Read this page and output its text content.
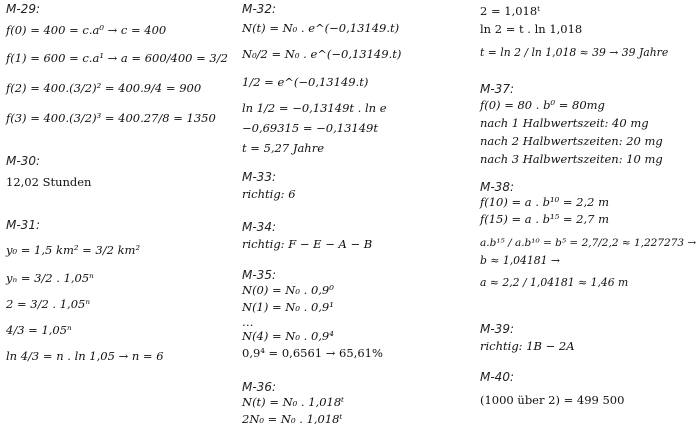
M-29:
f(0) = 400 = c.a⁰ → c = 400
f(1) = 600 = c.a¹ → a = 600/400 = 3/2
f(2) = 400.(3/2)² = 400.9/4 = 900
f(3) = 400.(3/2)³ = 400.27/8 = 1350
M-30:
12,02 Stunden
M-31:
y₀ = 1,5 km² = 3/2 km²
yₙ = 3/2 . 1,05ⁿ
2 = 3/2 . 1,05ⁿ
4/3 = 1,05ⁿ
ln 4/3 = n . ln 1,05 → n = 6
M-32:
N(t) = N₀ . e^(−0,13149.t)
N₀/2 = N₀ . e^(−0,13149.t)
1/2 = e^(−0,13149.t)
ln 1/2 = −0,13149t . ln e
−0,69315 = −0,13149t
t = 5,27 Jahre
M-33:
richtig: 6
M-34:
richtig: F − E − A − B
M-35:
N(0) = N₀ . 0,9⁰
N(1) = N₀ . 0,9¹
…
N(4) = N₀ . 0,9⁴
0,9⁴ = 0,6561 → 65,61%
M-36:
N(t) = N₀ . 1,018ᵗ
2N₀ = N₀ . 1,018ᵗ
2 = 1,018ᵗ
ln 2 = t . ln 1,018
t = ln 2 / ln 1,018 ≈ 39 → 39 Jahre
M-37:
f(0) = 80 . b⁰ = 80mg
nach 1 Halbwertszeit: 40 mg
nach 2 Halbwertszeiten: 20 mg
nach 3 Halbwertszeiten: 10 mg
M-38:
f(10) = a . b¹⁰ = 2,2 m
f(15) = a . b¹⁵ = 2,7 m
a.b¹⁵ / a.b¹⁰ = b⁵ = 2,7/2,2 ≈ 1,227273 →
b ≈ 1,04181 →
a ≈ 2,2 / 1,04181 ≈ 1,46 m
M-39:
richtig: 1B − 2A
M-40:
(1000 über 2) = 499 500
